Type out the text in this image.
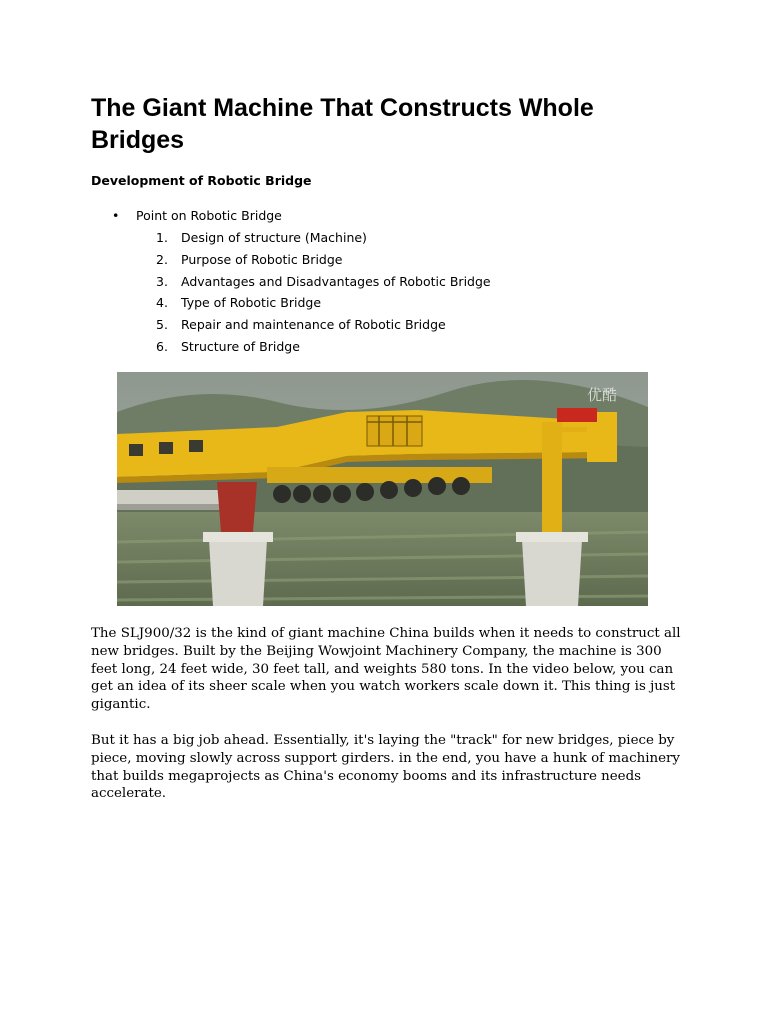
The Giant Machine That Constructs Whole Bridges
Development of Robotic Bridge
• Point on Robotic Bridge
1. Design of structure (Machine)
2. Purpose of Robotic Bridge
3. Advantages and Disadvantages of Robotic Bridge
4. Type of Robotic Bridge
5. Repair and maintenance of Robotic Bridge
6. Structure of Bridge
优酷

The SLJ900/32 is the kind of giant machine China builds when it needs to construct all new bridges. Built by the Beijing Wowjoint Machinery Company, the machine is 300 feet long, 24 feet wide, 30 feet tall, and weights 580 tons. In the video below, you can get an idea of its sheer scale when you watch workers scale down it. This thing is just gigantic.

But it has a big job ahead. Essentially, it's laying the "track" for new bridges, piece by piece, moving slowly across support girders. in the end, you have a hunk of machinery that builds megaprojects as China's economy booms and its infrastructure needs accelerate.
